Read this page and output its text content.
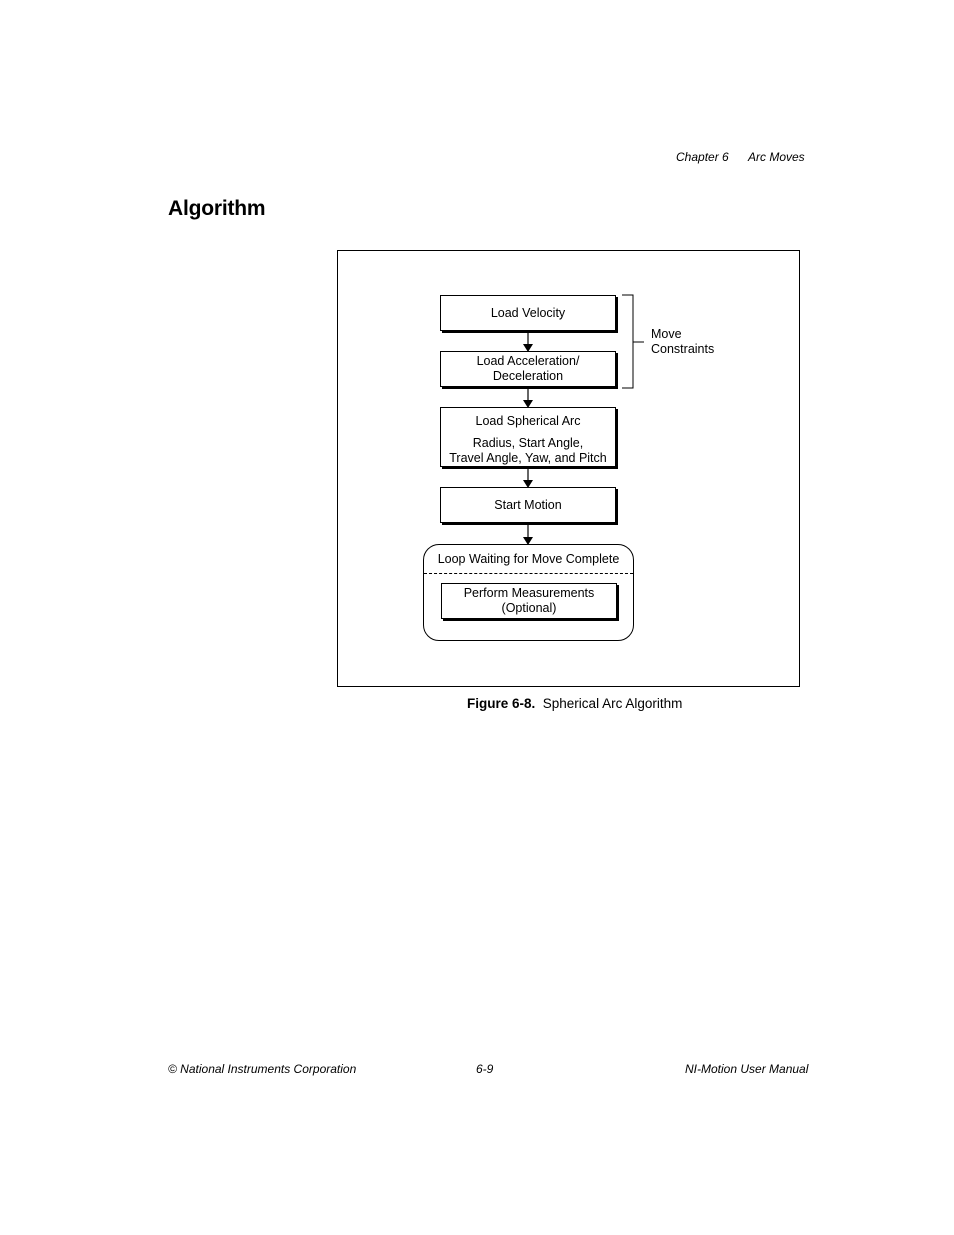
Chapter 6 Arc Moves
Algorithm
Load Velocity
Load Acceleration/
Deceleration
Load Spherical Arc
Radius, Start Angle,
Travel Angle, Yaw, and Pitch
Start Motion
Loop Waiting for Move Complete
Perform Measurements
(Optional)
Move
Constraints
Figure 6-8. Spherical Arc Algorithm
© National Instruments Corporation	6-9	NI-Motion User Manual
